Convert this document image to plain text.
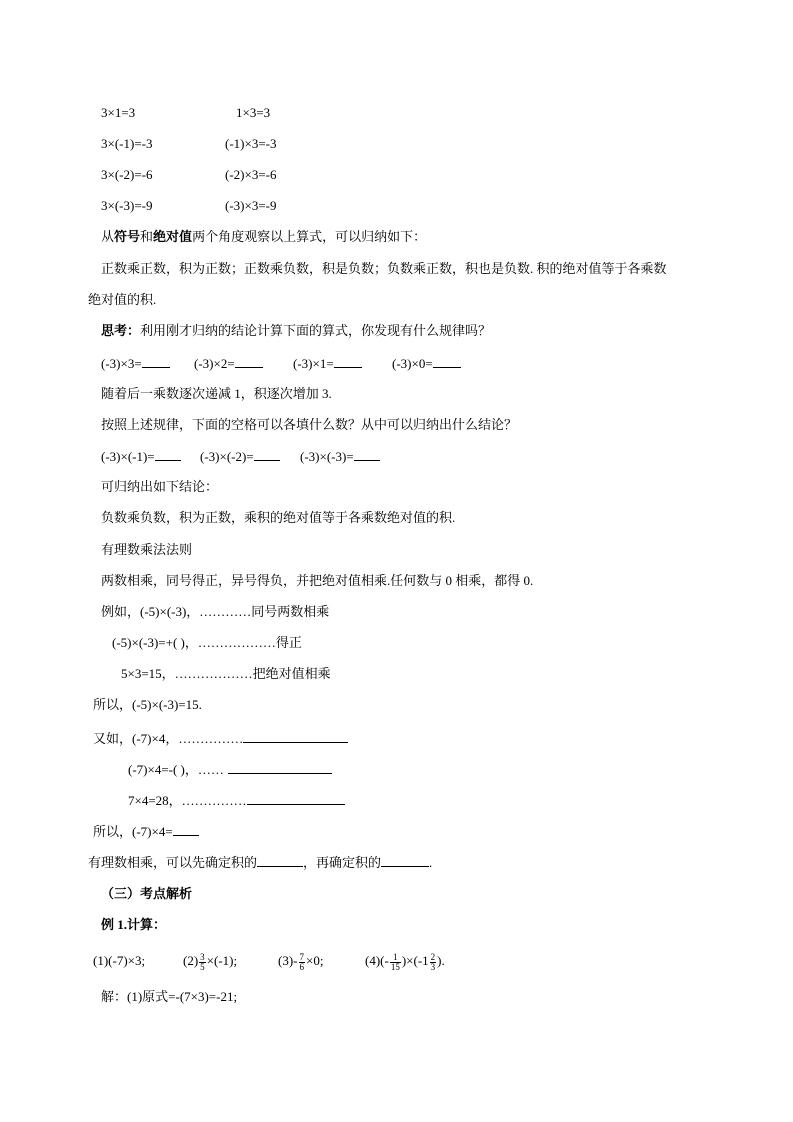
3×1=3	1×3=3
3×(-1)=-3	(-1)×3=-3
3×(-2)=-6	(-2)×3=-6
3×(-3)=-9	(-3)×3=-9
从符号和绝对值两个角度观察以上算式，可以归纳如下：
正数乘正数，积为正数；正数乘负数，积是负数；负数乘正数，积也是负数. 积的绝对值等于各乘数
绝对值的积.
思考：利用刚才归纳的结论计算下面的算式，你发现有什么规律吗？
(-3)×3=	(-3)×2=	(-3)×1=	(-3)×0=
随着后一乘数逐次递减 1，积逐次增加 3.
按照上述规律，下面的空格可以各填什么数？从中可以归纳出什么结论？
(-3)×(-1)=	(-3)×(-2)=	(-3)×(-3)=
可归纳出如下结论：
负数乘负数，积为正数，乘积的绝对值等于各乘数绝对值的积.
有理数乘法法则
两数相乘，同号得正，异号得负，并把绝对值相乘.任何数与 0 相乘，都得 0.
例如，(-5)×(-3)，…………同号两数相乘
(-5)×(-3)=+( )，………………得正
5×3=15，………………把绝对值相乘
所以，(-5)×(-3)=15.
又如，(-7)×4，……………
(-7)×4=-( )，……
7×4=28，……………
所以，(-7)×4=
有理数相乘，可以先确定积的	，再确定积的	.
（三）考点解析
例 1.计算：
(1)(-7)×3;	$(2) \frac{3}{5} \times(-1)$;	$(3)- \frac{7}{6} \times 0$;	$(4)(- \frac{1}{15} )\times(-1 \frac{2}{3}$ ).
解：(1)原式=-(7×3)=-21;
